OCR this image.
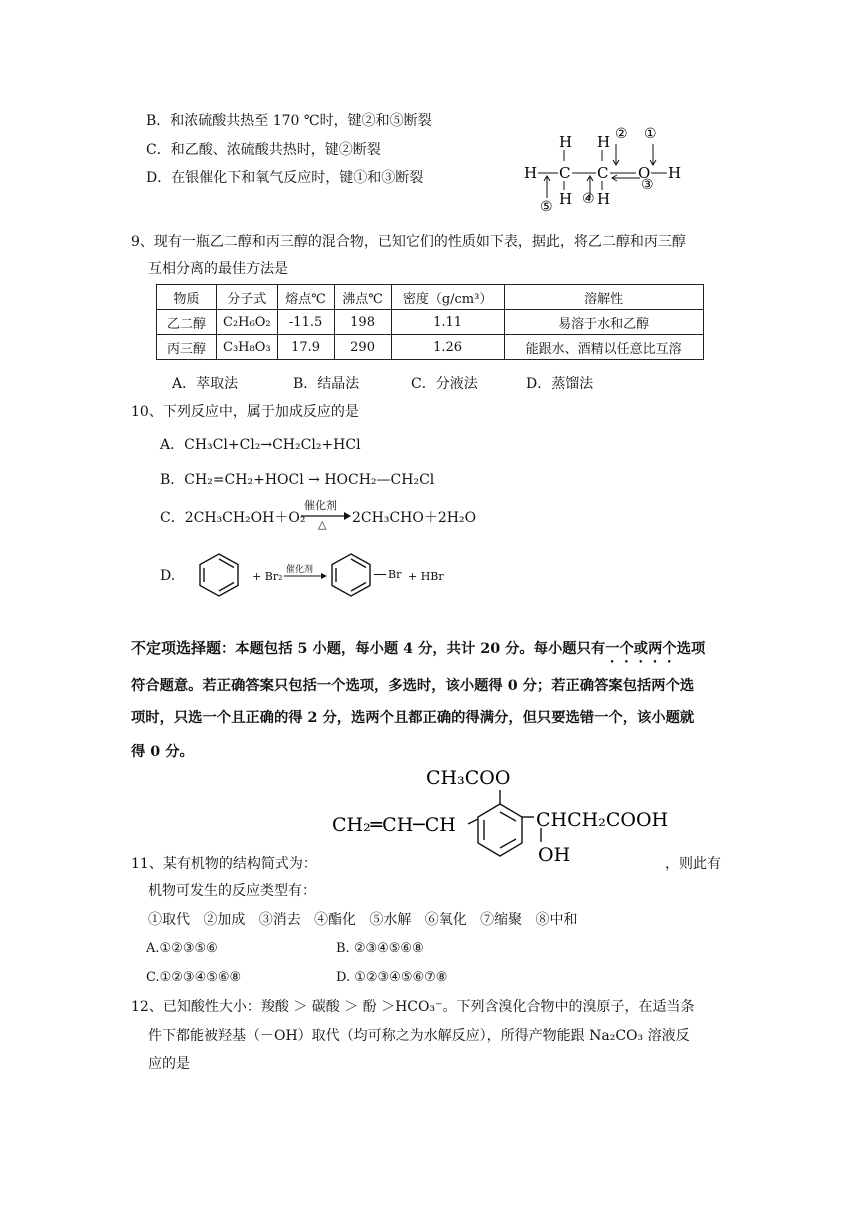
B．和浓硫酸共热至 170 ℃时，键②和⑤断裂
C．和乙酸、浓硫酸共热时，键②断裂
D．在银催化下和氧气反应时，键①和③断裂
H H
H C C O H
H H
② ①
③
④
⑤
9、现有一瓶乙二醇和丙三醇的混合物，已知它们的性质如下表，据此，将乙二醇和丙三醇
互相分离的最佳方法是
物质	分子式	熔点℃	沸点℃	密度（g/cm³）	溶解性
乙二醇	C₂H₆O₂	-11.5	198	1.11	易溶于水和乙醇
丙三醇	C₃H₈O₃	17.9	290	1.26	能跟水、酒精以任意比互溶
A．萃取法	B．结晶法	C．分液法	D．蒸馏法
10、下列反应中，属于加成反应的是
A．CH₃Cl+Cl₂→CH₂Cl₂+HCl
B．CH₂=CH₂+HOCl → HOCH₂—CH₂Cl
C．2CH₃CH₂OH＋O₂
催化剂
△ 2CH₃CHO＋2H₂O
D.	+ Br₂ 催化剂	Br + HBr
不定项选择题：本题包括 5 小题，每小题 4 分，共计 20 分。每小题只有一个或两个选项
符合题意。若正确答案只包括一个选项，多选时，该小题得 0 分；若正确答案包括两个选
项时，只选一个且正确的得 2 分，选两个且都正确的得满分，但只要选错一个，该小题就
得 0 分。
CH₃COO
CH₂═CH─CH	CHCH₂COOH
OH
11、某有机物的结构简式为：	，则此有
机物可发生的反应类型有：
①取代   ②加成   ③消去   ④酯化   ⑤水解   ⑥氧化   ⑦缩聚   ⑧中和
A.①②③⑤⑥	B. ②③④⑤⑥⑧
C.①②③④⑤⑥⑧	D. ①②③④⑤⑥⑦⑧
12、已知酸性大小：羧酸 ＞ 碳酸 ＞ 酚 ＞HCO₃⁻。下列含溴化合物中的溴原子，在适当条
件下都能被羟基（－OH）取代（均可称之为水解反应），所得产物能跟 Na₂CO₃ 溶液反
应的是
